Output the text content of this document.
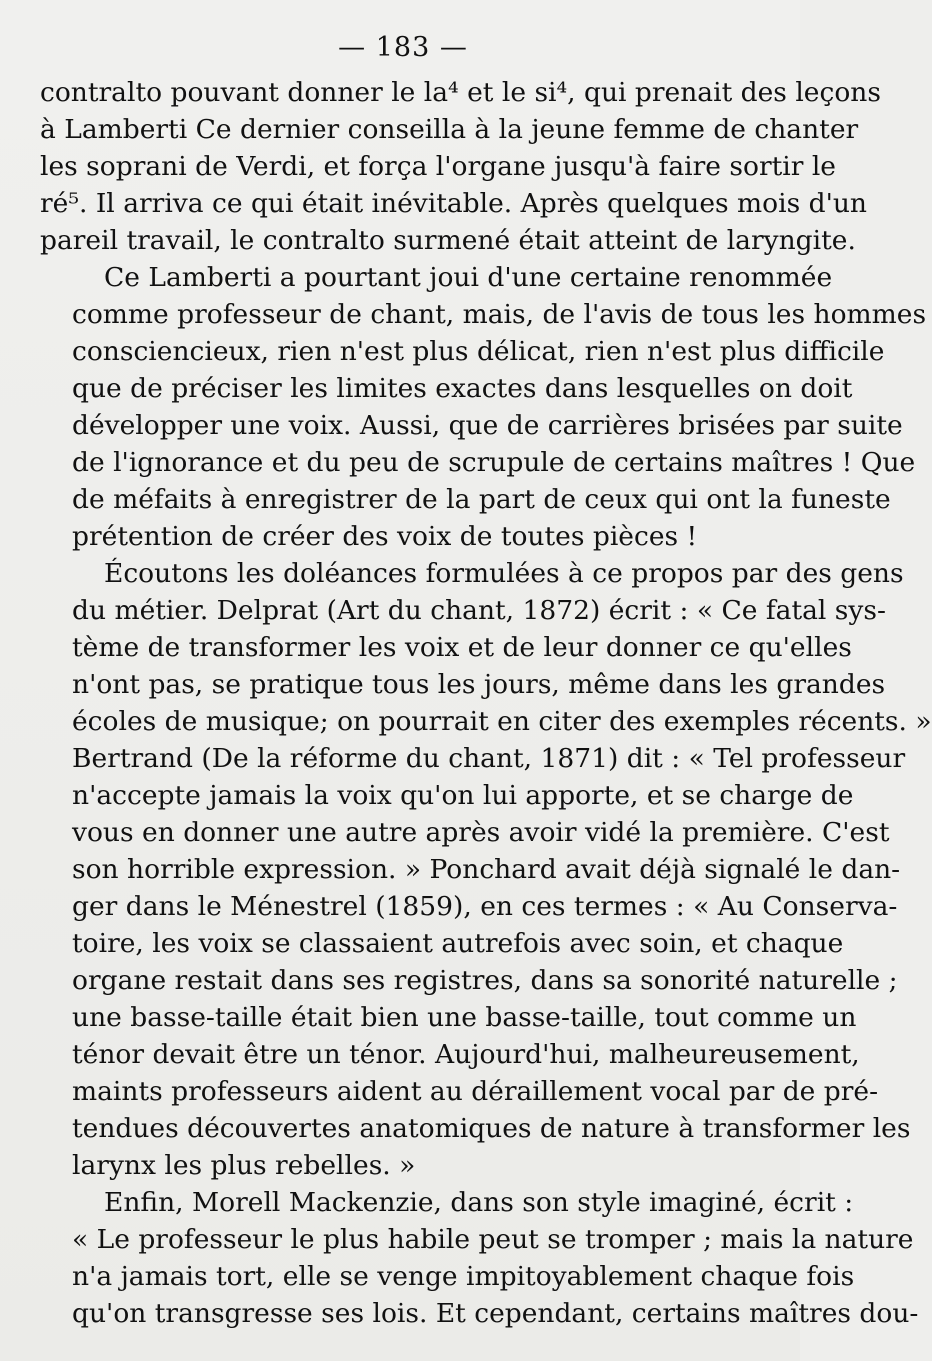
— 183 —
contralto pouvant donner le la⁴ et le si⁴, qui prenait des leçons
à Lamberti Ce dernier conseilla à la jeune femme de chanter
les soprani de Verdi, et força l'organe jusqu'à faire sortir le
ré⁵. Il arriva ce qui était inévitable. Après quelques mois d'un
pareil travail, le contralto surmené était atteint de laryngite.
Ce Lamberti a pourtant joui d'une certaine renommée
comme professeur de chant, mais, de l'avis de tous les hommes
consciencieux, rien n'est plus délicat, rien n'est plus difficile
que de préciser les limites exactes dans lesquelles on doit
développer une voix. Aussi, que de carrières brisées par suite
de l'ignorance et du peu de scrupule de certains maîtres ! Que
de méfaits à enregistrer de la part de ceux qui ont la funeste
prétention de créer des voix de toutes pièces !
Écoutons les doléances formulées à ce propos par des gens
du métier. Delprat (Art du chant, 1872) écrit : « Ce fatal sys-
tème de transformer les voix et de leur donner ce qu'elles
n'ont pas, se pratique tous les jours, même dans les grandes
écoles de musique; on pourrait en citer des exemples récents. »
Bertrand (De la réforme du chant, 1871) dit : « Tel professeur
n'accepte jamais la voix qu'on lui apporte, et se charge de
vous en donner une autre après avoir vidé la première. C'est
son horrible expression. » Ponchard avait déjà signalé le dan-
ger dans le Ménestrel (1859), en ces termes : « Au Conserva-
toire, les voix se classaient autrefois avec soin, et chaque
organe restait dans ses registres, dans sa sonorité naturelle ;
une basse-taille était bien une basse-taille, tout comme un
ténor devait être un ténor. Aujourd'hui, malheureusement,
maints professeurs aident au déraillement vocal par de pré-
tendues découvertes anatomiques de nature à transformer les
larynx les plus rebelles. »
Enfin, Morell Mackenzie, dans son style imaginé, écrit :
« Le professeur le plus habile peut se tromper ; mais la nature
n'a jamais tort, elle se venge impitoyablement chaque fois
qu'on transgresse ses lois. Et cependant, certains maîtres dou-
